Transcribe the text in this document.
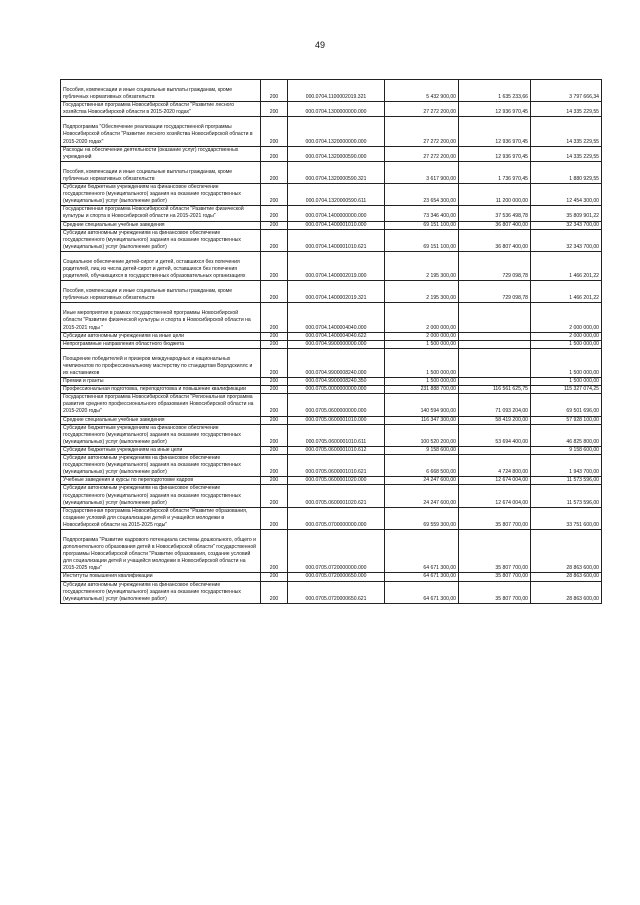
49
Пособия, компенсации и иные социальные выплаты гражданам, кроме публичных нормативных обязательств	200	000.0704.1100002019.321	5 432 900,00	1 635 233,66	3 797 666,34
Государственная программа Новосибирской области "Развитие лесного хозяйства Новосибирской области в 2015-2020 годах"	200	000.0704.1300000000.000	27 272 200,00	12 936 970,45	14 335 229,55

Подпрограмма "Обеспечение реализации государственной программы Новосибирской области "Развитие лесного хозяйства Новосибирской области в 2015-2020 годах"	200	000.0704.1320000000.000	27 272 200,00	12 936 970,45	14 335 229,55
Расходы на обеспечение деятельности (оказание услуг) государственных учреждений	200	000.0704.1320000590.000	27 272 200,00	12 936 970,45	14 335 229,55

Пособия, компенсации и иные социальные выплаты гражданам, кроме публичных нормативных обязательств	200	000.0704.1320000590.321	3 617 900,00	1 736 970,45	1 880 929,55
Субсидии бюджетным учреждениям на финансовое обеспечение государственного (муниципального) задания на оказание государственных (муниципальных) услуг (выполнение работ)	200	000.0704.1320000590.611	23 654 300,00	11 200 000,00	12 454 300,00
Государственная программа Новосибирской области "Развитие физической культуры и спорта в Новосибирской области на 2015-2021 годы"	200	000.0704.1400000000.000	73 346 400,00	37 536 498,78	35 809 901,22
Средние специальные учебные заведения	200	000.0704.1400001010.000	69 151 100,00	36 807 400,00	32 343 700,00
Субсидии автономным учреждениям на финансовое обеспечение государственного (муниципального) задания на оказание государственных (муниципальных) услуг (выполнение работ)	200	000.0704.1400001010.621	69 151 100,00	36 807 400,00	32 343 700,00

Социальное обеспечение детей-сирот и детей, оставшихся без попечения родителей, лиц из числа детей-сирот и детей, оставшихся без попечения родителей, обучающихся в государственных образовательных организациях	200	000.0704.1400002019.000	2 195 300,00	729 098,78	1 466 201,22

Пособия, компенсации и иные социальные выплаты гражданам, кроме публичных нормативных обязательств	200	000.0704.1400002019.321	2 195 300,00	729 098,78	1 466 201,22

Иные мероприятия в рамках государственной программы Новосибирской области "Развитие физической культуры и спорта в Новосибирской области на 2015-2021 годы "	200	000.0704.1400004040.000	2 000 000,00		2 000 000,00
Субсидии автономным учреждениям на иные цели	200	000.0704.1400004040.622	2 000 000,00		2 000 000,00
Непрограммные направления областного бюджета	200	000.0704.9900000000.000	1 500 000,00		1 500 000,00

Поощрение победителей и призеров международных и национальных чемпионатов по профессиональному мастерству по стандартам Ворлдскиллс и их наставников	200	000.0704.9900008240.000	1 500 000,00		1 500 000,00
Премии и гранты	200	000.0704.9900008240.350	1 500 000,00		1 500 000,00
Профессиональная подготовка, переподготовка и повышение квалификации	200	000.0705.0000000000.000	231 888 700,00	116 561 625,75	115 327 074,25
Государственная программа Новосибирской области "Региональная программа развития среднего профессионального образования Новосибирской области на 2015-2020 годы"	200	000.0705.0600000000.000	140 594 900,00	71 093 204,00	69 501 696,00
Средние специальные учебные заведения	200	000.0705.0600001010.000	116 347 300,00	58 419 200,00	57 928 100,00
Субсидии бюджетным учреждениям на финансовое обеспечение государственного (муниципального) задания на оказание государственных (муниципальных) услуг (выполнение работ)	200	000.0705.0600001010.611	100 520 200,00	53 694 400,00	46 825 800,00
Субсидии бюджетным учреждениям на иные цели	200	000.0705.0600001010.612	9 158 600,00		9 158 600,00
Субсидии автономным учреждениям на финансовое обеспечение государственного (муниципального) задания на оказание государственных (муниципальных) услуг (выполнение работ)	200	000.0705.0600001010.621	6 668 500,00	4 724 800,00	1 943 700,00
Учебные заведения и курсы по переподготовке кадров	200	000.0705.0600001020.000	24 247 600,00	12 674 004,00	11 573 596,00
Субсидии автономным учреждениям на финансовое обеспечение государственного (муниципального) задания на оказание государственных (муниципальных) услуг (выполнение работ)	200	000.0705.0600001020.621	24 247 600,00	12 674 004,00	11 573 596,00
Государственная программа Новосибирской области "Развитие образования, создание условий для социализации детей и учащейся молодежи в Новосибирской области на 2015-2025 годы"	200	000.0705.0700000000.000	69 559 300,00	35 807 700,00	33 751 600,00

Подпрограмма "Развитие кадрового потенциала системы дошкольного, общего и дополнительного образования детей в Новосибирской области" государственной программы Новосибирской области "Развитие образования, создание условий для социализации детей и учащейся молодежи в Новосибирской области на 2015-2025 годы"	200	000.0705.0720000000.000	64 671 300,00	35 807 700,00	28 863 600,00
Институты повышения квалификации	200	000.0705.0720000650.000	64 671 300,00	35 807 700,00	28 863 600,00
Субсидии автономным учреждениям на финансовое обеспечение государственного (муниципального) задания на оказание государственных (муниципальных) услуг (выполнение работ)	200	000.0705.0720000650.621	64 671 300,00	35 807 700,00	28 863 600,00
